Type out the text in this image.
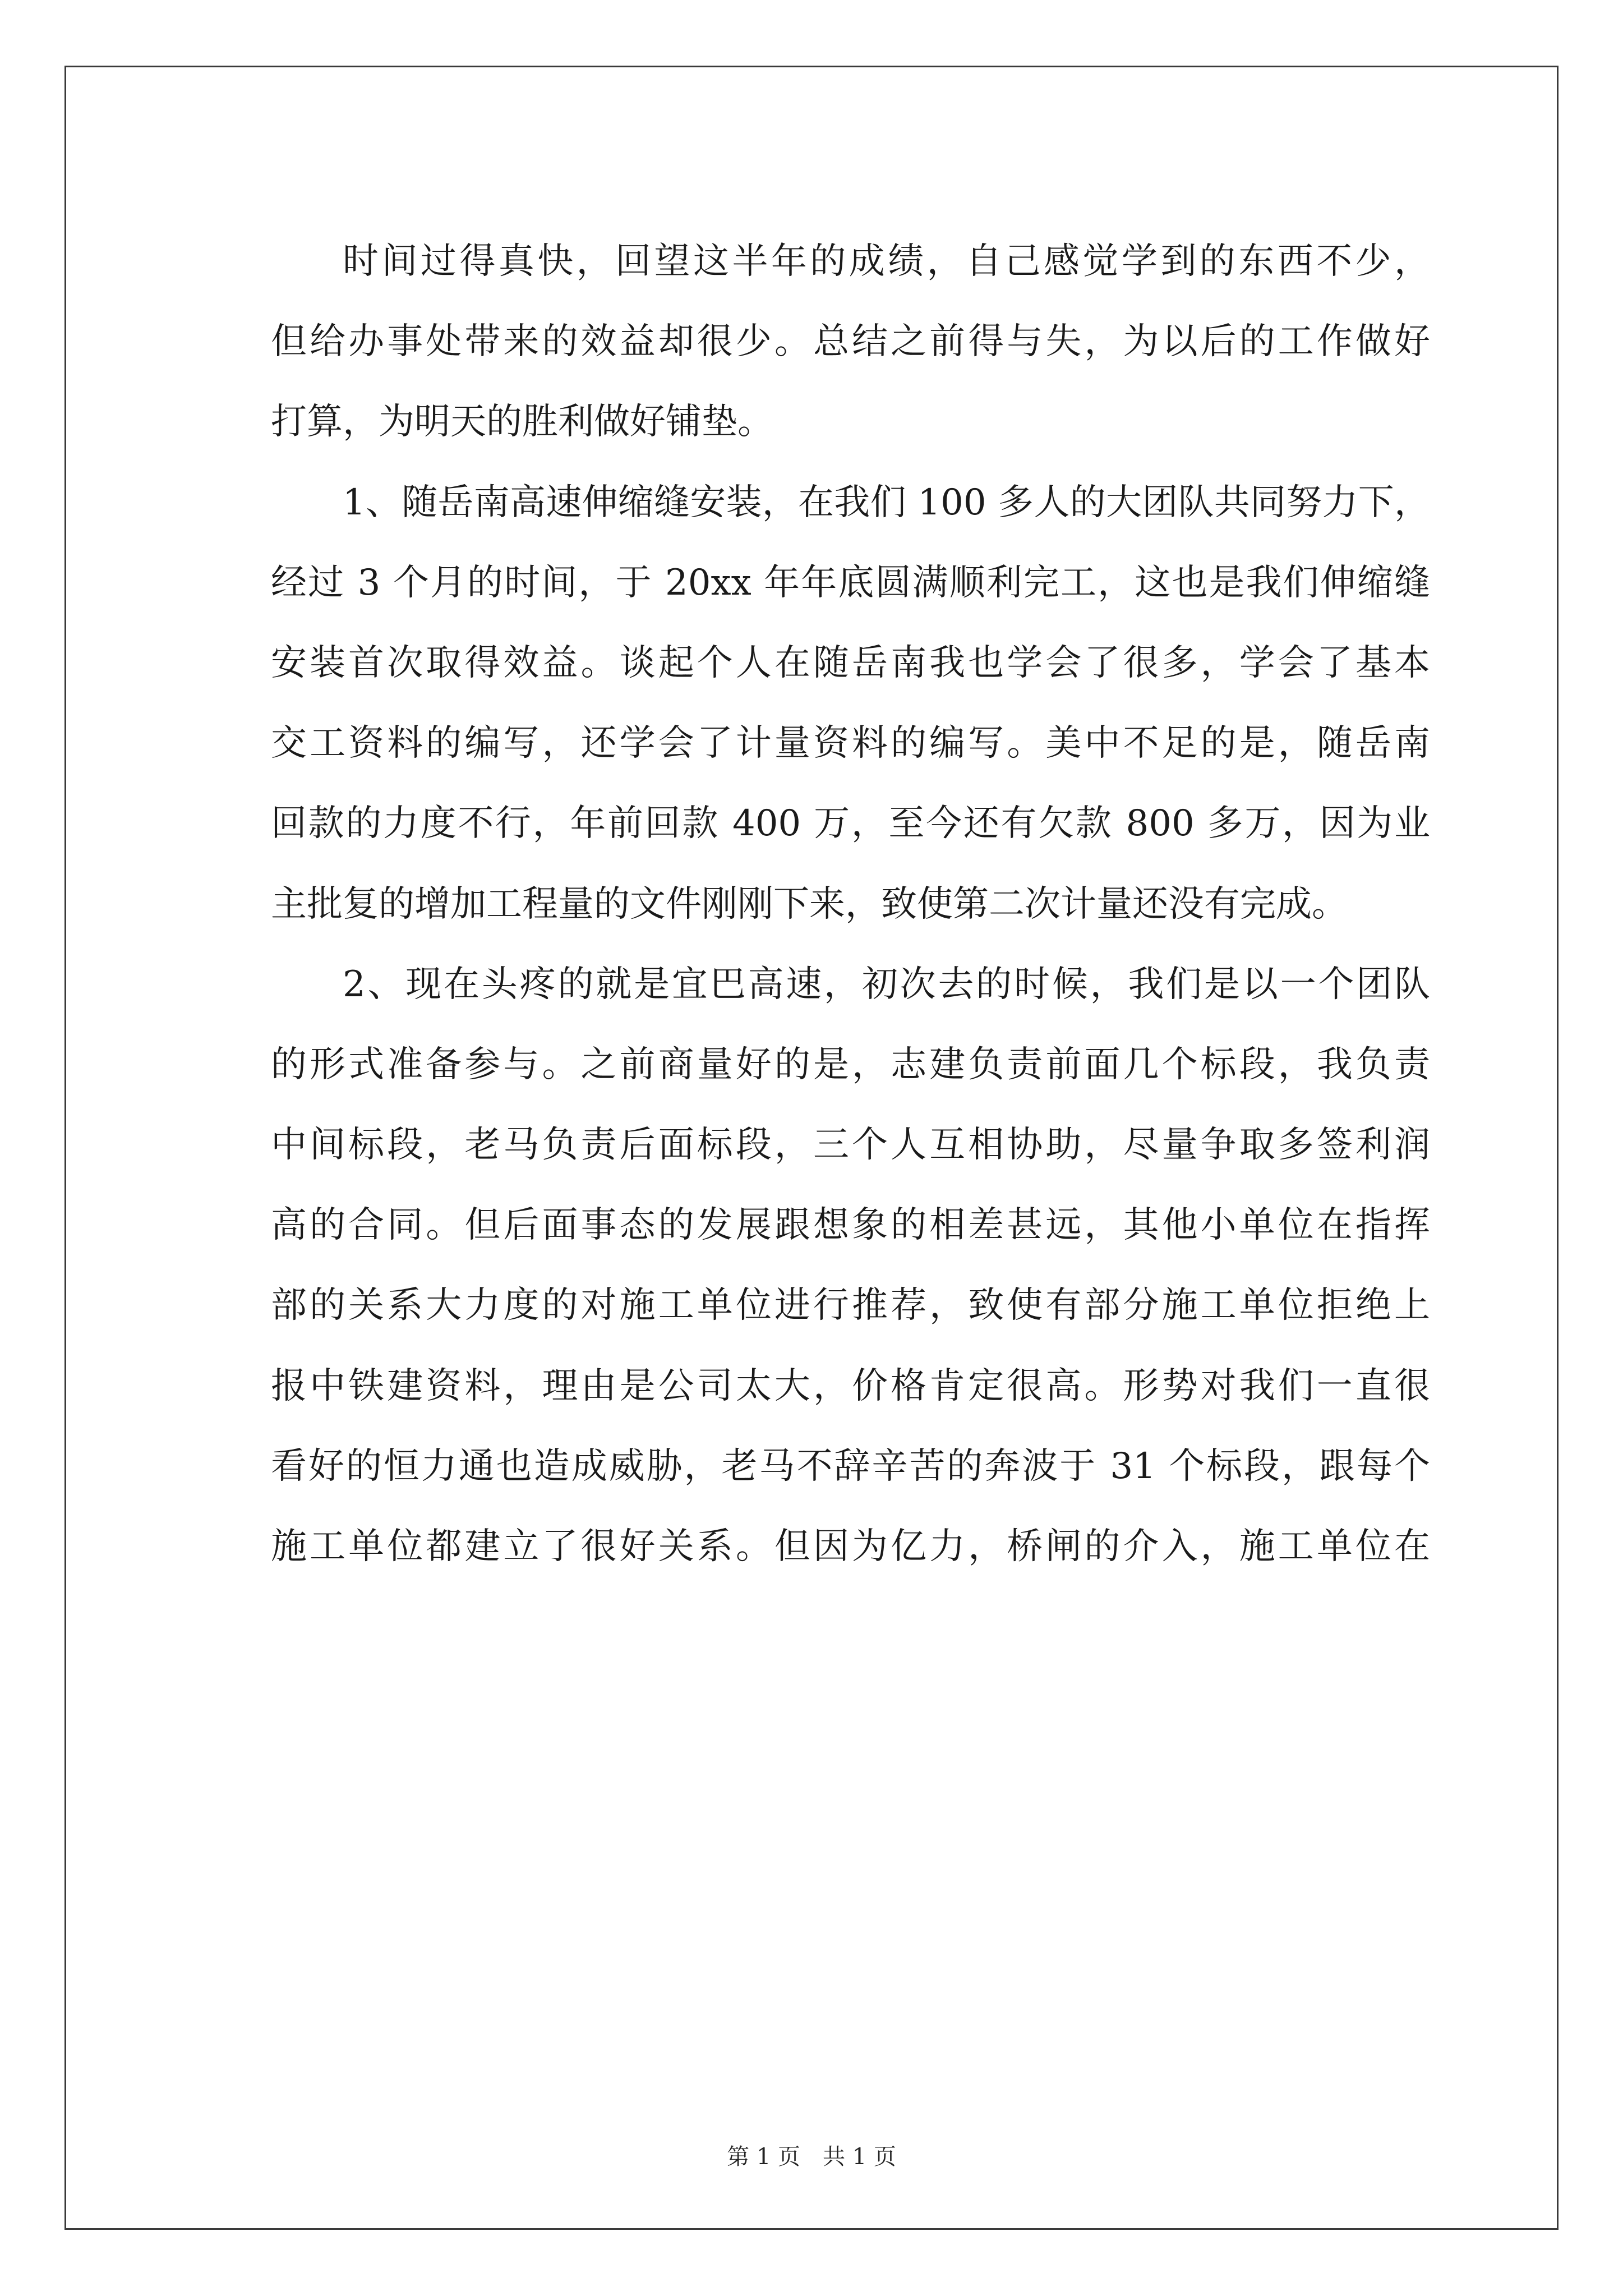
时间过得真快，回望这半年的成绩，自己感觉学到的东西不少，
但给办事处带来的效益却很少。总结之前得与失，为以后的工作做好
打算，为明天的胜利做好铺垫。
1、随岳南高速伸缩缝安装，在我们 100 多人的大团队共同努力下，
经过 3 个月的时间，于 20xx 年年底圆满顺利完工，这也是我们伸缩缝
安装首次取得效益。谈起个人在随岳南我也学会了很多，学会了基本
交工资料的编写，还学会了计量资料的编写。美中不足的是，随岳南
回款的力度不行，年前回款 400 万，至今还有欠款 800 多万，因为业
主批复的增加工程量的文件刚刚下来，致使第二次计量还没有完成。
2、现在头疼的就是宜巴高速，初次去的时候，我们是以一个团队
的形式准备参与。之前商量好的是，志建负责前面几个标段，我负责
中间标段，老马负责后面标段，三个人互相协助，尽量争取多签利润
高的合同。但后面事态的发展跟想象的相差甚远，其他小单位在指挥
部的关系大力度的对施工单位进行推荐，致使有部分施工单位拒绝上
报中铁建资料，理由是公司太大，价格肯定很高。形势对我们一直很
看好的恒力通也造成威胁，老马不辞辛苦的奔波于 31 个标段，跟每个
施工单位都建立了很好关系。但因为亿力，桥闸的介入，施工单位在
第 1 页 共 1 页
